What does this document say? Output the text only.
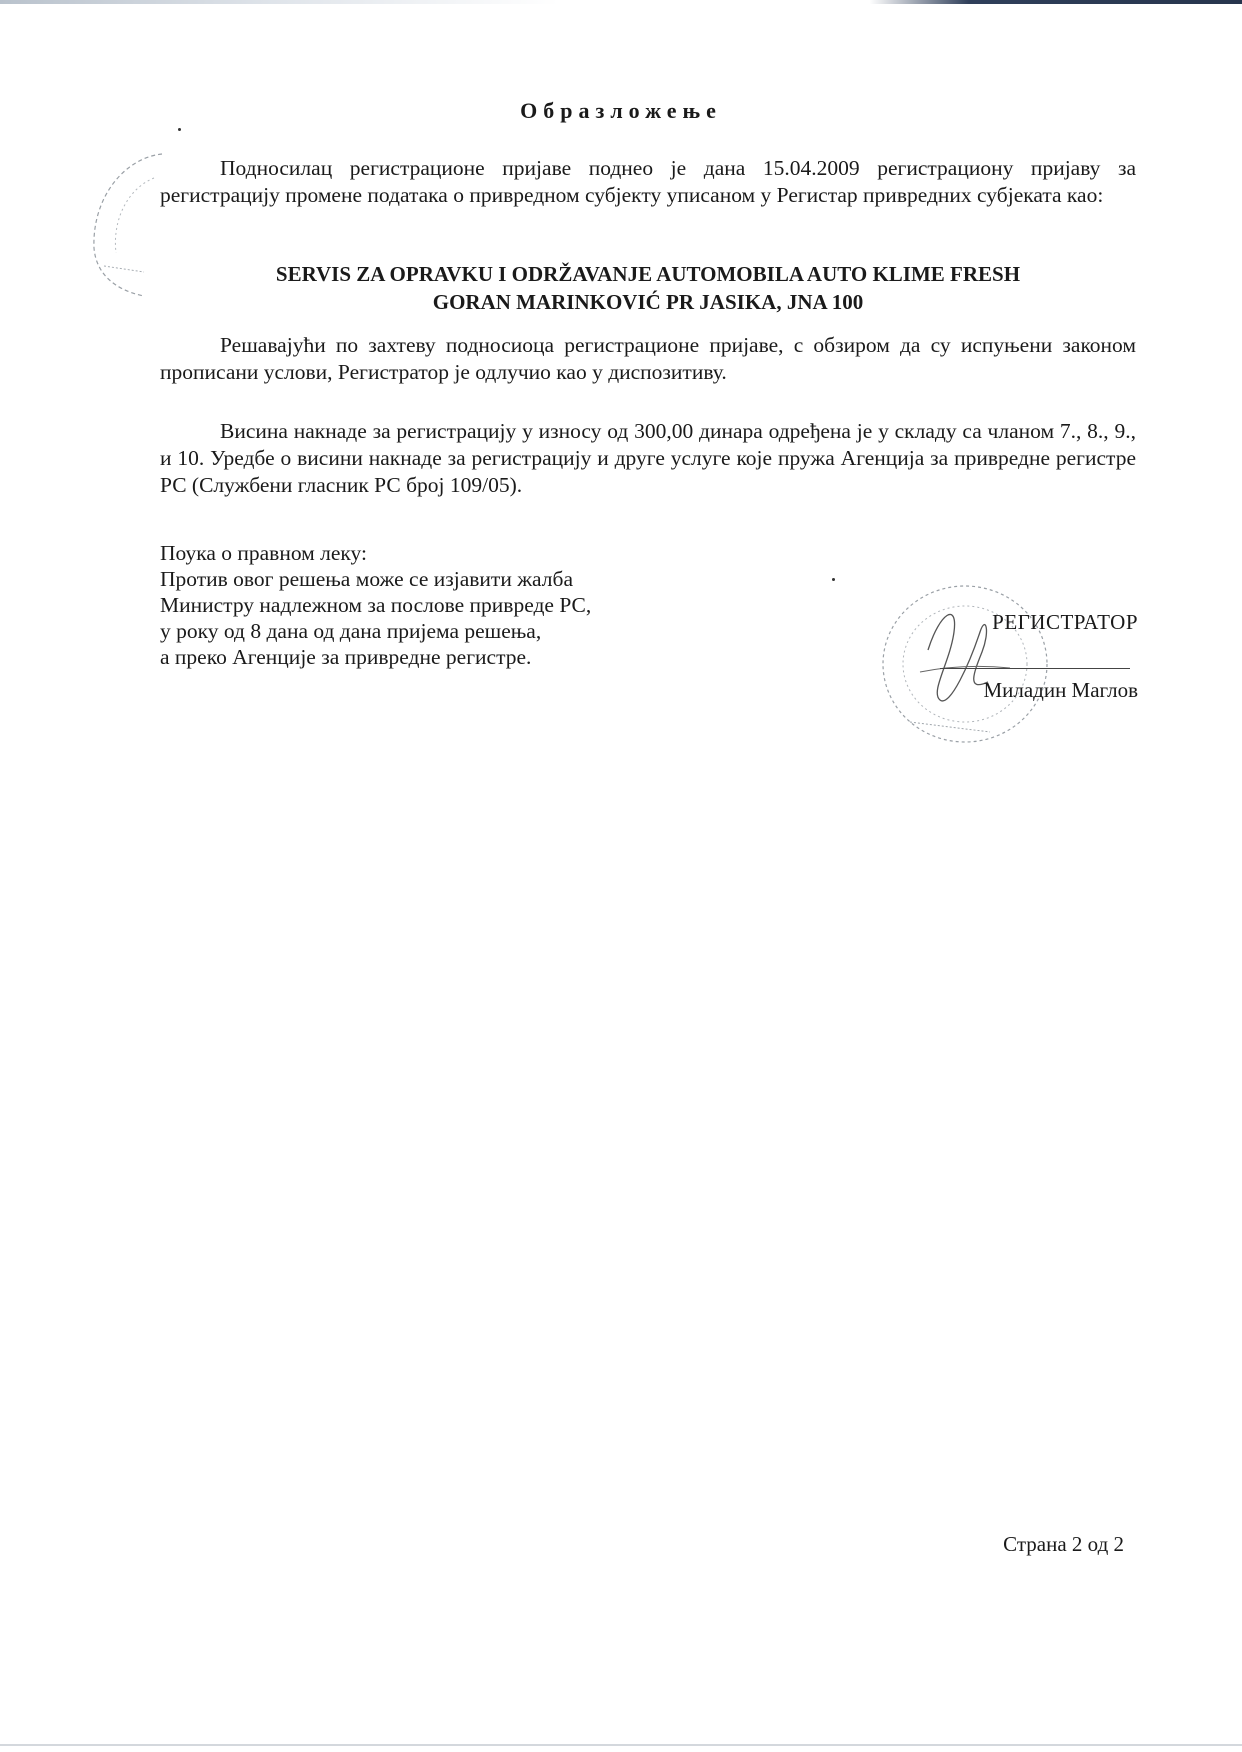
Образложење

Подносилац регистрационе пријаве поднео је дана 15.04.2009 регистрациону пријаву за регистрацију промене података о привредном субјекту уписаном у Регистар привредних субјеката као:

SERVIS ZA OPRAVKU I ODRŽAVANJE AUTOMOBILA AUTO KLIME FRESH
GORAN MARINKOVIĆ PR JASIKA, JNA 100

Решавајући по захтеву подносиоца регистрационе пријаве, с обзиром да су испуњени законом прописани услови, Регистратор је одлучио као у диспозитиву.

Висина накнаде за регистрацију у износу од 300,00 динара одређена је у складу са чланом 7., 8., 9., и 10. Уредбе о висини накнаде за регистрацију и друге услуге које пружа Агенција за привредне регистре РС (Службени гласник РС број 109/05).

Поука о правном леку:
Против овог решења може се изјавити жалба
Министру надлежном за послове привреде РС,
у року од 8 дана од дана пријема решења,
а преко Агенције за привредне регистре.
РЕГИСТРАТОР
Миладин Маглов
Страна 2 од 2
